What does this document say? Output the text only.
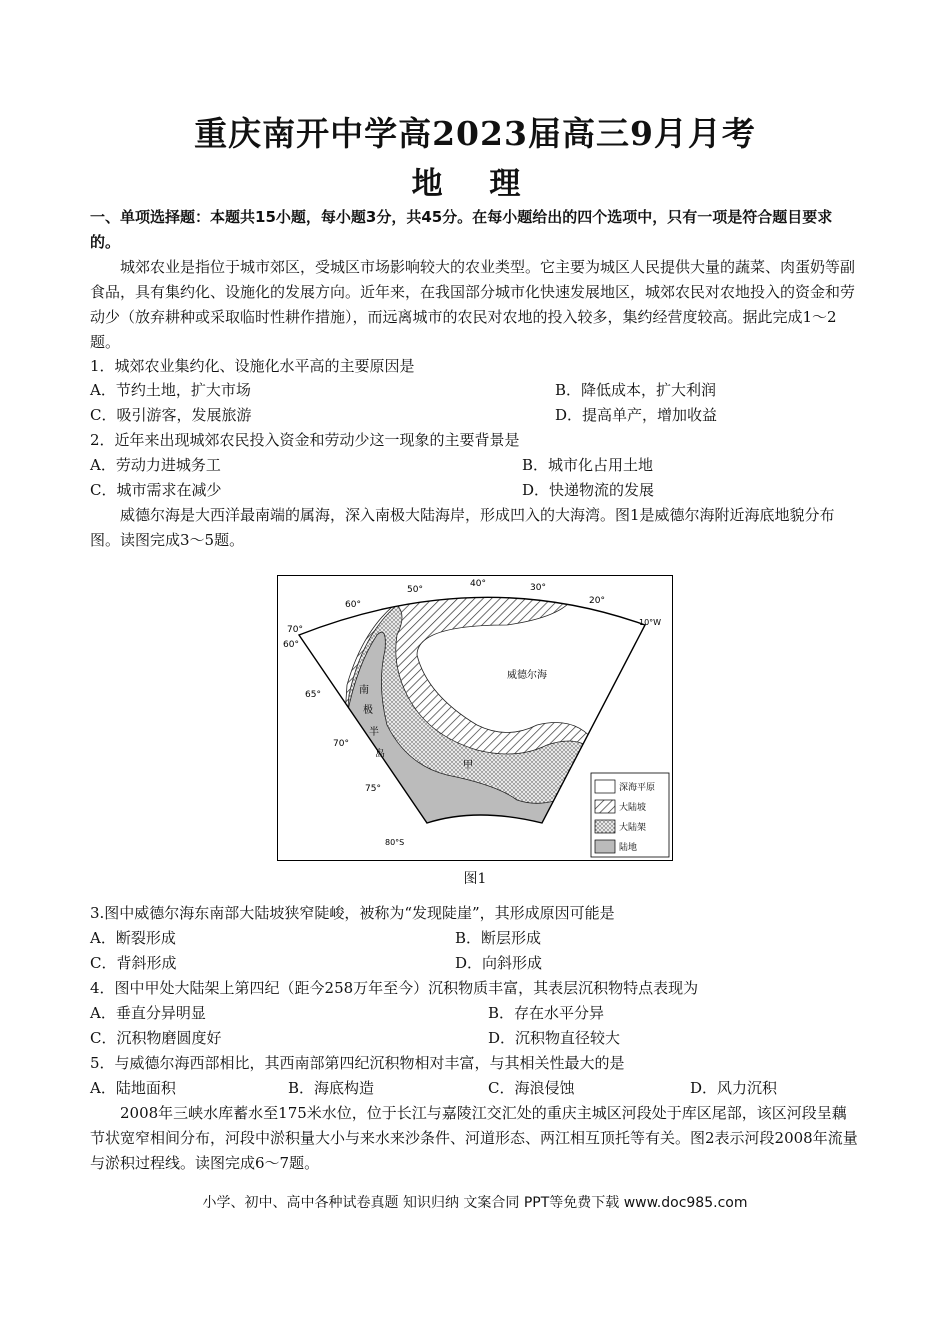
重庆南开中学高2023届高三9月月考
地 理
一、单项选择题：本题共15小题，每小题3分，共45分。在每小题给出的四个选项中，只有一项是符合题目要求的。
城郊农业是指位于城市郊区，受城区市场影响较大的农业类型。它主要为城区人民提供大量的蔬菜、肉蛋奶等副食品，具有集约化、设施化的发展方向。近年来，在我国部分城市化快速发展地区，城郊农民对农地投入的资金和劳动少（放弃耕种或采取临时性耕作措施），而远离城市的农民对农地的投入较多，集约经营度较高。据此完成1～2题。
1．城郊农业集约化、设施化水平高的主要原因是
A．节约土地，扩大市场	B．降低成本，扩大利润
C．吸引游客，发展旅游	D．提高单产，增加收益
2．近年来出现城郊农民投入资金和劳动少这一现象的主要背景是
A．劳动力进城务工	B．城市化占用土地
C．城市需求在减少	D．快递物流的发展
威德尔海是大西洋最南端的属海，深入南极大陆海岸，形成凹入的大海湾。图1是威德尔海附近海底地貌分布图。读图完成3～5题。
威德尔海
南
极
半
岛
甲
60°
50°
40°	30°
20°
10°W
70°
60°
65°
70°
75°
80°S
深海平原
大陆坡
大陆架
陆地
图1
3.图中威德尔海东南部大陆坡狭窄陡峻，被称为“发现陡崖”，其形成原因可能是
A．断裂形成	B．断层形成
C．背斜形成	D．向斜形成
4．图中甲处大陆架上第四纪（距今258万年至今）沉积物质丰富，其表层沉积物特点表现为
A．垂直分异明显	B．存在水平分异
C．沉积物磨圆度好	D．沉积物直径较大
5．与威德尔海西部相比，其西南部第四纪沉积物相对丰富，与其相关性最大的是
A．陆地面积	B．海底构造	C．海浪侵蚀	D．风力沉积
2008年三峡水库蓄水至175米水位，位于长江与嘉陵江交汇处的重庆主城区河段处于库区尾部，该区河段呈藕节状宽窄相间分布，河段中淤积量大小与来水来沙条件、河道形态、两江相互顶托等有关。图2表示河段2008年流量与淤积过程线。读图完成6～7题。
小学、初中、高中各种试卷真题 知识归纳 文案合同 PPT等免费下载 www.doc985.com
